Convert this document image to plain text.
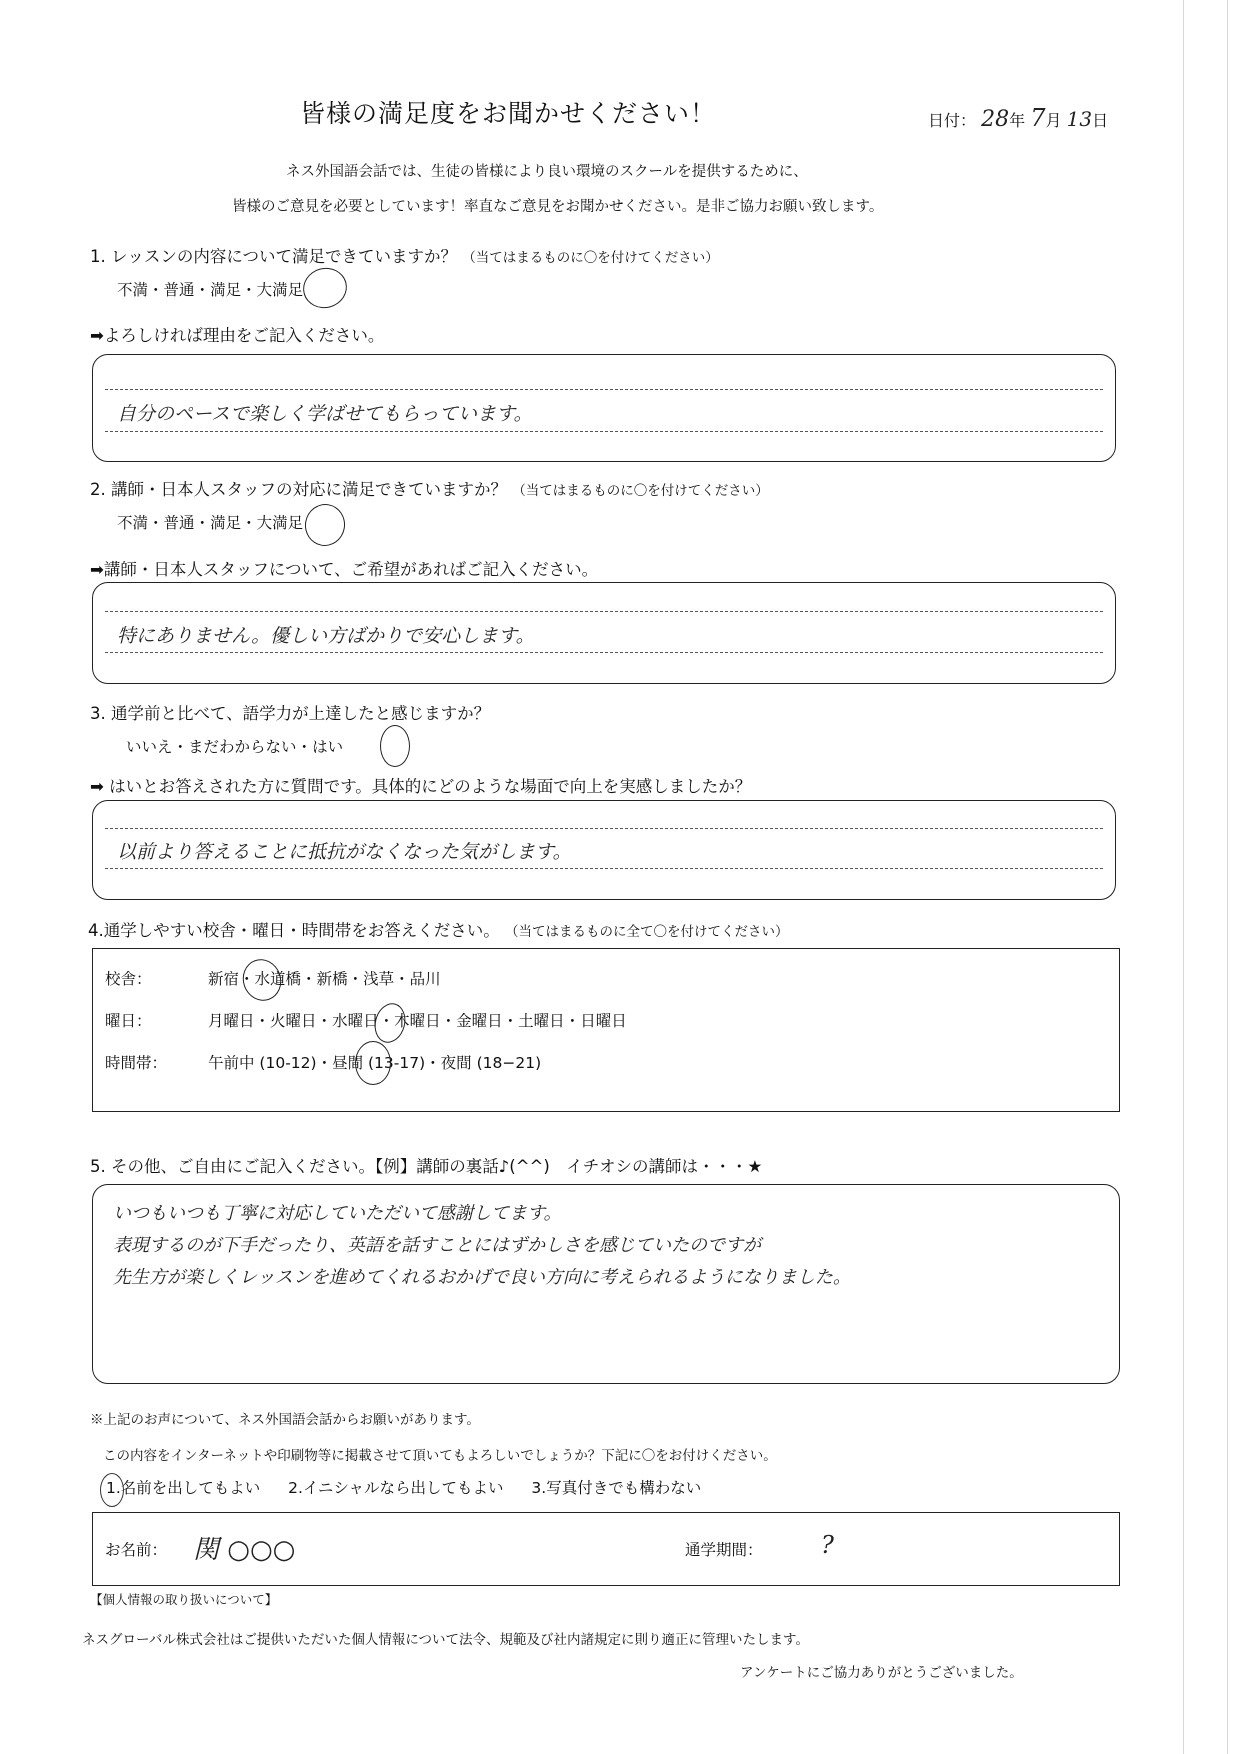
皆様の満足度をお聞かせください！	日付： 28年 7月 13日
ネス外国語会話では、生徒の皆様により良い環境のスクールを提供するために、
皆様のご意見を必要としています！率直なご意見をお聞かせください。是非ご協力お願い致します。
1. レッスンの内容について満足できていますか？ （当てはまるものに〇を付けてください）
不満・普通・満足・大満足
➡よろしければ理由をご記入ください。
自分のペースで楽しく学ばせてもらっています。
2. 講師・日本人スタッフの対応に満足できていますか？ （当てはまるものに〇を付けてください）
不満・普通・満足・大満足
➡講師・日本人スタッフについて、ご希望があればご記入ください。
特にありません。優しい方ばかりで安心します。
3. 通学前と比べて、語学力が上達したと感じますか？
いいえ・まだわからない・はい
➡ はいとお答えされた方に質問です。具体的にどのような場面で向上を実感しましたか？
以前より答えることに抵抗がなくなった気がします。
4.通学しやすい校舎・曜日・時間帯をお答えください。 （当てはまるものに全て〇を付けてください）
校舎：	新宿・水道橋・新橋・浅草・品川
曜日：	月曜日・火曜日・水曜日・木曜日・金曜日・土曜日・日曜日
時間帯：	午前中 (10-12)・昼間 (13-17)・夜間 (18−21)
5. その他、ご自由にご記入ください。【例】講師の裏話♪(^^)　イチオシの講師は・・・★
いつもいつも丁寧に対応していただいて感謝してます。
表現するのが下手だったり、英語を話すことにはずかしさを感じていたのですが
先生方が楽しくレッスンを進めてくれるおかげで良い方向に考えられるようになりました。
※上記のお声について、ネス外国語会話からお願いがあります。
この内容をインターネットや印刷物等に掲載させて頂いてもよろしいでしょうか？下記に〇をお付けください。
1.名前を出してもよい 2.イニシャルなら出してもよい 3.写真付きでも構わない
お名前： 関 ○○○	通学期間： ?
【個人情報の取り扱いについて】
ネスグローバル株式会社はご提供いただいた個人情報について法令、規範及び社内諸規定に則り適正に管理いたします。
アンケートにご協力ありがとうございました。
